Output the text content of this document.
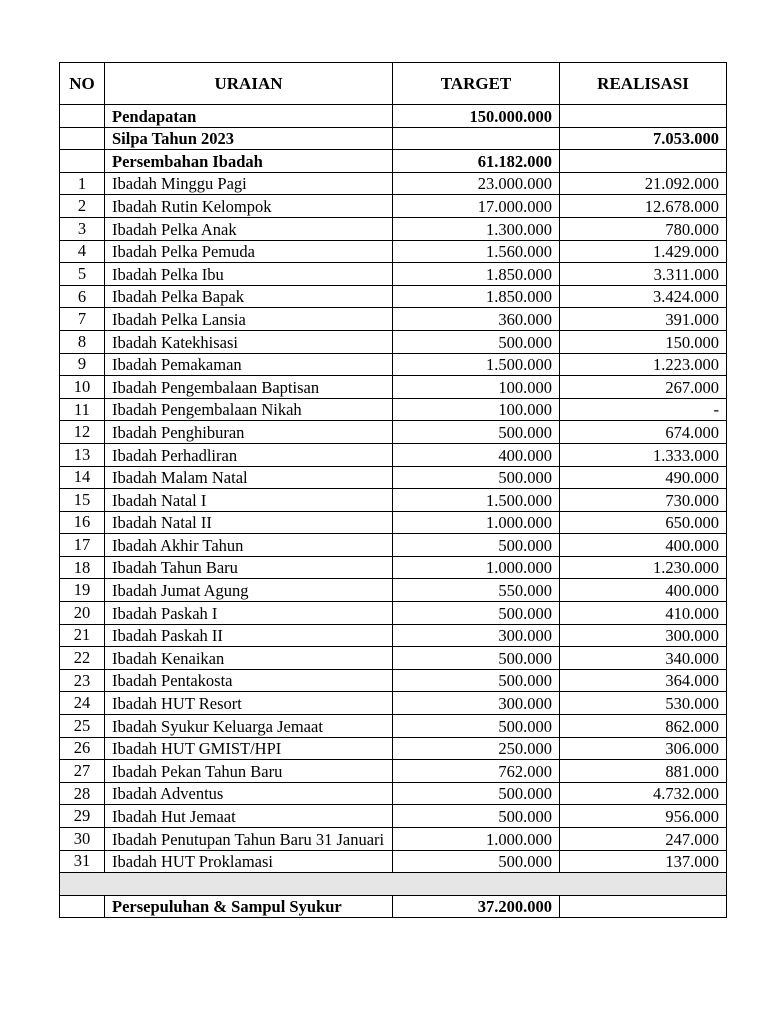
NO	URAIAN	TARGET	REALISASI
	Pendapatan	150.000.000	
	Silpa Tahun 2023		7.053.000
	Persembahan Ibadah	61.182.000	
1	Ibadah Minggu Pagi	23.000.000	21.092.000
2	Ibadah Rutin Kelompok	17.000.000	12.678.000
3	Ibadah Pelka Anak	1.300.000	780.000
4	Ibadah Pelka Pemuda	1.560.000	1.429.000
5	Ibadah Pelka Ibu	1.850.000	3.311.000
6	Ibadah Pelka Bapak	1.850.000	3.424.000
7	Ibadah Pelka Lansia	360.000	391.000
8	Ibadah Katekhisasi	500.000	150.000
9	Ibadah Pemakaman	1.500.000	1.223.000
10	Ibadah Pengembalaan Baptisan	100.000	267.000
11	Ibadah Pengembalaan Nikah	100.000	-
12	Ibadah Penghiburan	500.000	674.000
13	Ibadah Perhadliran	400.000	1.333.000
14	Ibadah Malam Natal	500.000	490.000
15	Ibadah Natal I	1.500.000	730.000
16	Ibadah Natal II	1.000.000	650.000
17	Ibadah Akhir Tahun	500.000	400.000
18	Ibadah Tahun Baru	1.000.000	1.230.000
19	Ibadah Jumat Agung	550.000	400.000
20	Ibadah Paskah I	500.000	410.000
21	Ibadah Paskah II	300.000	300.000
22	Ibadah Kenaikan	500.000	340.000
23	Ibadah Pentakosta	500.000	364.000
24	Ibadah HUT Resort	300.000	530.000
25	Ibadah Syukur Keluarga Jemaat	500.000	862.000
26	Ibadah HUT GMIST/HPI	250.000	306.000
27	Ibadah Pekan Tahun Baru	762.000	881.000
28	Ibadah Adventus	500.000	4.732.000
29	Ibadah Hut Jemaat	500.000	956.000
30	Ibadah Penutupan Tahun Baru 31 Januari	1.000.000	247.000
31	Ibadah HUT Proklamasi	500.000	137.000

	Persepuluhan & Sampul Syukur	37.200.000	
